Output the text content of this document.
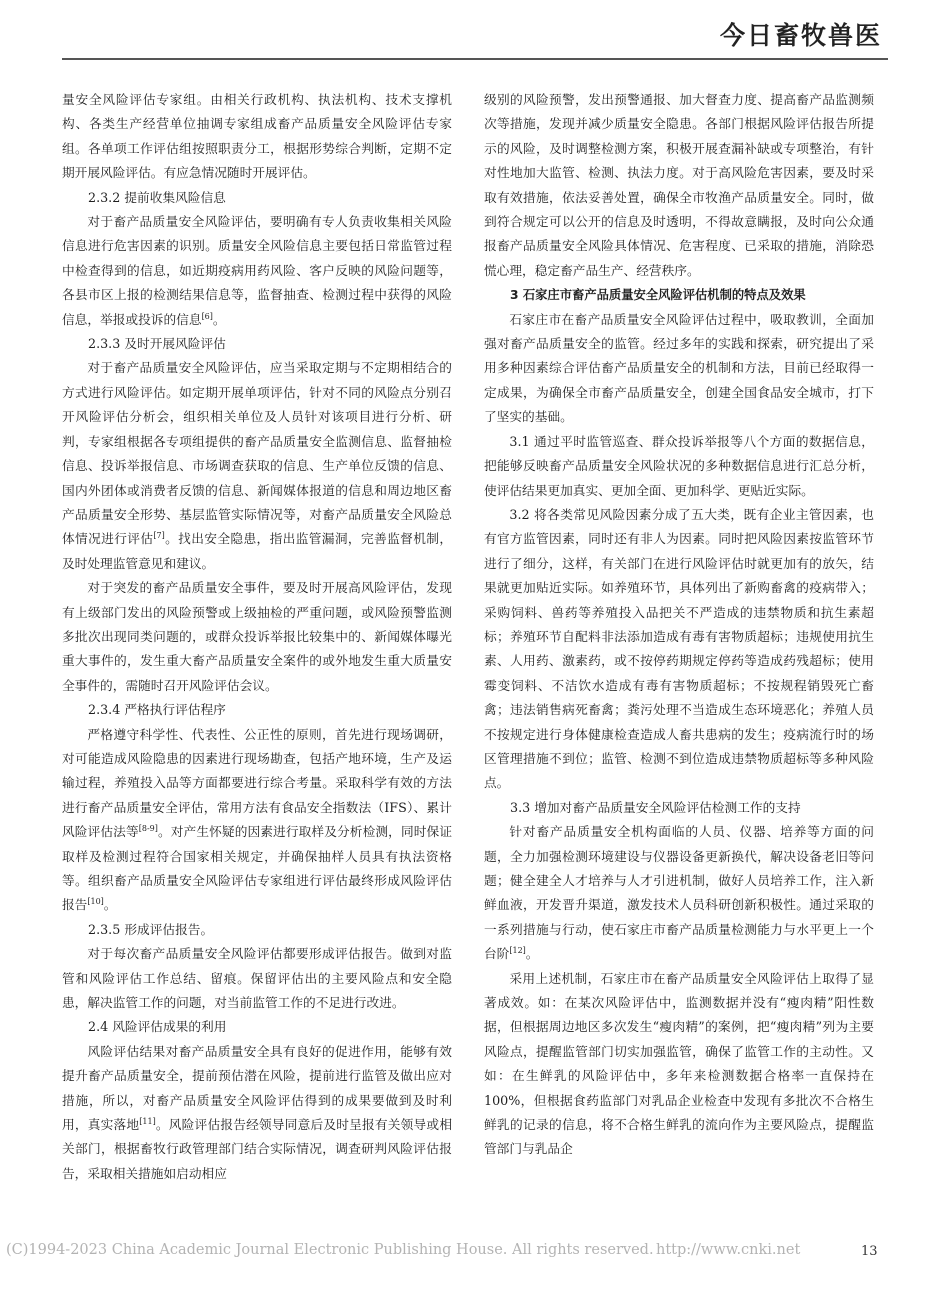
今日畜牧兽医

量安全风险评估专家组。由相关行政机构、执法机构、技术支撑机构、各类生产经营单位抽调专家组成畜产品质量安全风险评估专家组。各单项工作评估组按照职责分工，根据形势综合判断，定期不定期开展风险评估。有应急情况随时开展评估。

2.3.2 提前收集风险信息

对于畜产品质量安全风险评估，要明确有专人负责收集相关风险信息进行危害因素的识别。质量安全风险信息主要包括日常监管过程中检查得到的信息，如近期疫病用药风险、客户反映的风险问题等，各县市区上报的检测结果信息等，监督抽查、检测过程中获得的风险信息，举报或投诉的信息[6]。

2.3.3 及时开展风险评估

对于畜产品质量安全风险评估，应当采取定期与不定期相结合的方式进行风险评估。如定期开展单项评估，针对不同的风险点分别召开风险评估分析会，组织相关单位及人员针对该项目进行分析、研判，专家组根据各专项组提供的畜产品质量安全监测信息、监督抽检信息、投诉举报信息、市场调查获取的信息、生产单位反馈的信息、国内外团体或消费者反馈的信息、新闻媒体报道的信息和周边地区畜产品质量安全形势、基层监管实际情况等，对畜产品质量安全风险总体情况进行评估[7]。找出安全隐患，指出监管漏洞，完善监督机制，及时处理监管意见和建议。

对于突发的畜产品质量安全事件，要及时开展高风险评估，发现有上级部门发出的风险预警或上级抽检的严重问题，或风险预警监测多批次出现同类问题的，或群众投诉举报比较集中的、新闻媒体曝光重大事件的，发生重大畜产品质量安全案件的或外地发生重大质量安全事件的，需随时召开风险评估会议。

2.3.4 严格执行评估程序

严格遵守科学性、代表性、公正性的原则，首先进行现场调研，对可能造成风险隐患的因素进行现场勘查，包括产地环境，生产及运输过程，养殖投入品等方面都要进行综合考量。采取科学有效的方法进行畜产品质量安全评估，常用方法有食品安全指数法（IFS）、累计风险评估法等[8-9]。对产生怀疑的因素进行取样及分析检测，同时保证取样及检测过程符合国家相关规定，并确保抽样人员具有执法资格等。组织畜产品质量安全风险评估专家组进行评估最终形成风险评估报告[10]。

2.3.5 形成评估报告。

对于每次畜产品质量安全风险评估都要形成评估报告。做到对监管和风险评估工作总结、留痕。保留评估出的主要风险点和安全隐患，解决监管工作的问题，对当前监管工作的不足进行改进。

2.4 风险评估成果的利用

风险评估结果对畜产品质量安全具有良好的促进作用，能够有效提升畜产品质量安全，提前预估潜在风险，提前进行监管及做出应对措施，所以，对畜产品质量安全风险评估得到的成果要做到及时利用，真实落地[11]。风险评估报告经领导同意后及时呈报有关领导或相关部门，根据畜牧行政管理部门结合实际情况，调查研判风险评估报告，采取相关措施如启动相应

级别的风险预警，发出预警通报、加大督查力度、提高畜产品监测频次等措施，发现并减少质量安全隐患。各部门根据风险评估报告所提示的风险，及时调整检测方案，积极开展查漏补缺或专项整治，有针对性地加大监管、检测、执法力度。对于高风险危害因素，要及时采取有效措施，依法妥善处置，确保全市牧渔产品质量安全。同时，做到符合规定可以公开的信息及时透明，不得故意瞒报，及时向公众通报畜产品质量安全风险具体情况、危害程度、已采取的措施，消除恐慌心理，稳定畜产品生产、经营秩序。

3 石家庄市畜产品质量安全风险评估机制的特点及效果

石家庄市在畜产品质量安全风险评估过程中，吸取教训，全面加强对畜产品质量安全的监管。经过多年的实践和探索，研究提出了采用多种因素综合评估畜产品质量安全的机制和方法，目前已经取得一定成果，为确保全市畜产品质量安全，创建全国食品安全城市，打下了坚实的基础。

3.1 通过平时监管巡查、群众投诉举报等八个方面的数据信息，把能够反映畜产品质量安全风险状况的多种数据信息进行汇总分析，使评估结果更加真实、更加全面、更加科学、更贴近实际。

3.2 将各类常见风险因素分成了五大类，既有企业主管因素，也有官方监管因素，同时还有非人为因素。同时把风险因素按监管环节进行了细分，这样，有关部门在进行风险评估时就更加有的放矢，结果就更加贴近实际。如养殖环节，具体列出了新购畜禽的疫病带入；采购饲料、兽药等养殖投入品把关不严造成的违禁物质和抗生素超标；养殖环节自配料非法添加造成有毒有害物质超标；违规使用抗生素、人用药、激素药，或不按停药期规定停药等造成药残超标；使用霉变饲料、不洁饮水造成有毒有害物质超标；不按规程销毁死亡畜禽；违法销售病死畜禽；粪污处理不当造成生态环境恶化；养殖人员不按规定进行身体健康检查造成人畜共患病的发生；疫病流行时的场区管理措施不到位；监管、检测不到位造成违禁物质超标等多种风险点。

3.3 增加对畜产品质量安全风险评估检测工作的支持

针对畜产品质量安全机构面临的人员、仪器、培养等方面的问题，全力加强检测环境建设与仪器设备更新换代，解决设备老旧等问题；健全建全人才培养与人才引进机制，做好人员培养工作，注入新鲜血液，开发晋升渠道，激发技术人员科研创新积极性。通过采取的一系列措施与行动，使石家庄市畜产品质量检测能力与水平更上一个台阶[12]。

采用上述机制，石家庄市在畜产品质量安全风险评估上取得了显著成效。如：在某次风险评估中，监测数据并没有“瘦肉精”阳性数据，但根据周边地区多次发生“瘦肉精”的案例，把“瘦肉精”列为主要风险点，提醒监管部门切实加强监管，确保了监管工作的主动性。又如：在生鲜乳的风险评估中，多年来检测数据合格率一直保持在100%，但根据食药监部门对乳品企业检查中发现有多批次不合格生鲜乳的记录的信息，将不合格生鲜乳的流向作为主要风险点，提醒监管部门与乳品企

(C)1994-2023 China Academic Journal Electronic Publishing House. All rights reserved. http://www.cnki.net	13
